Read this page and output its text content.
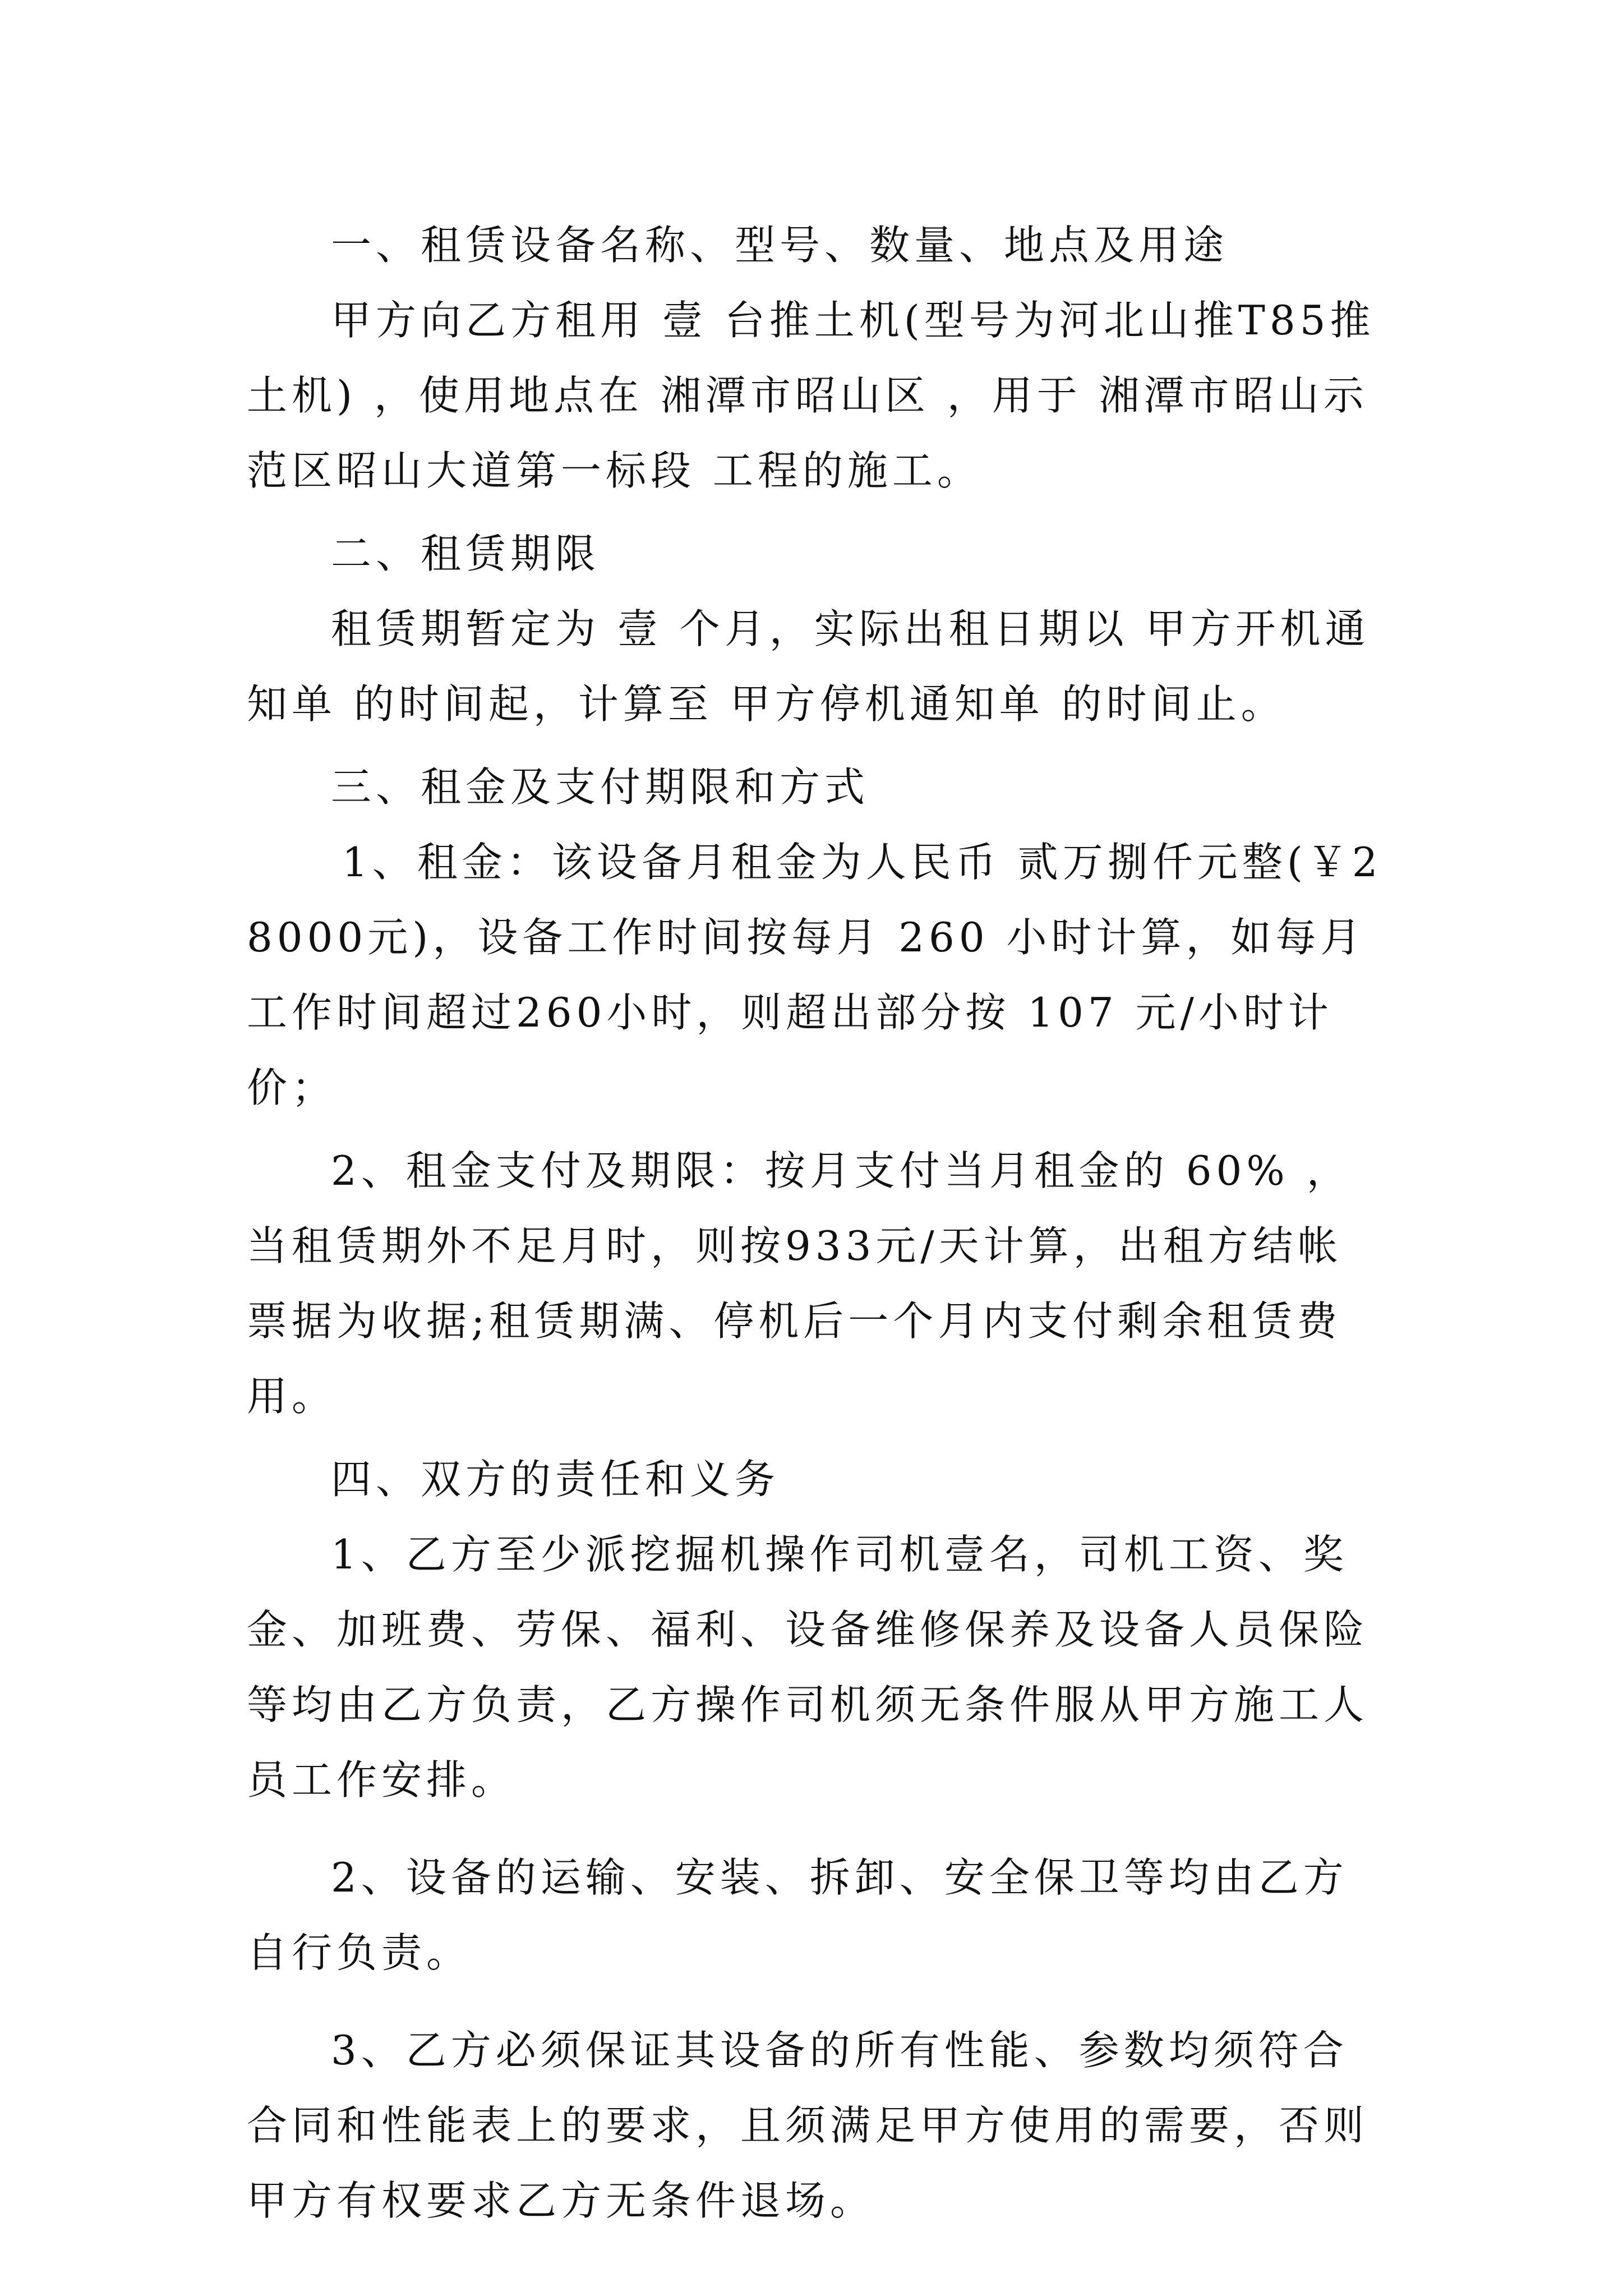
一、租赁设备名称、型号、数量、地点及用途

甲方向乙方租用 壹 台推土机(型号为河北山推T85推土机) ，使用地点在 湘潭市昭山区 ，用于 湘潭市昭山示范区昭山大道第一标段 工程的施工。

二、租赁期限

租赁期暂定为 壹 个月，实际出租日期以 甲方开机通知单 的时间起，计算至 甲方停机通知单 的时间止。

三、租金及支付期限和方式

1、租金：该设备月租金为人民币 贰万捌仟元整(￥28000元)，设备工作时间按每月 260 小时计算，如每月工作时间超过260小时，则超出部分按 107 元/小时计价；

2、租金支付及期限：按月支付当月租金的 60% ，当租赁期外不足月时，则按933元/天计算，出租方结帐票据为收据;租赁期满、停机后一个月内支付剩余租赁费用。

四、双方的责任和义务

1、乙方至少派挖掘机操作司机壹名，司机工资、奖金、加班费、劳保、福利、设备维修保养及设备人员保险等均由乙方负责，乙方操作司机须无条件服从甲方施工人员工作安排。

2、设备的运输、安装、拆卸、安全保卫等均由乙方自行负责。

3、乙方必须保证其设备的所有性能、参数均须符合合同和性能表上的要求，且须满足甲方使用的需要，否则甲方有权要求乙方无条件退场。
